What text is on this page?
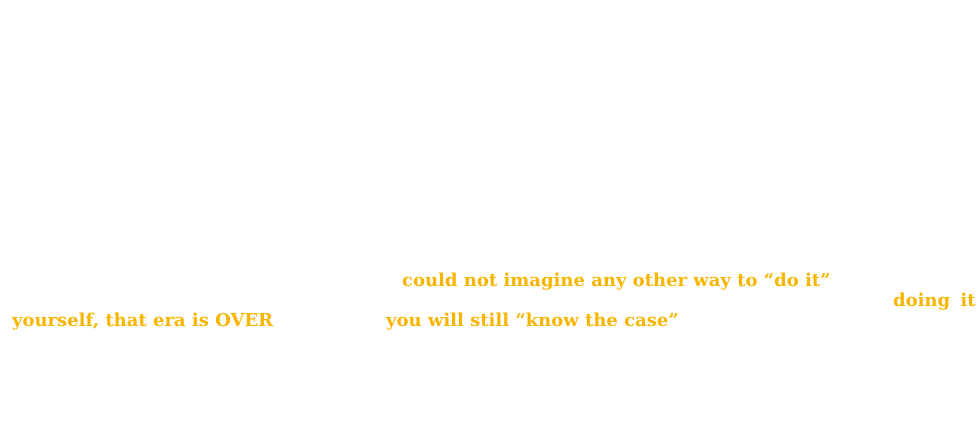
could not imagine any other way to “do it”
doing it
yourself, that era is OVER	you will still “know the case”
